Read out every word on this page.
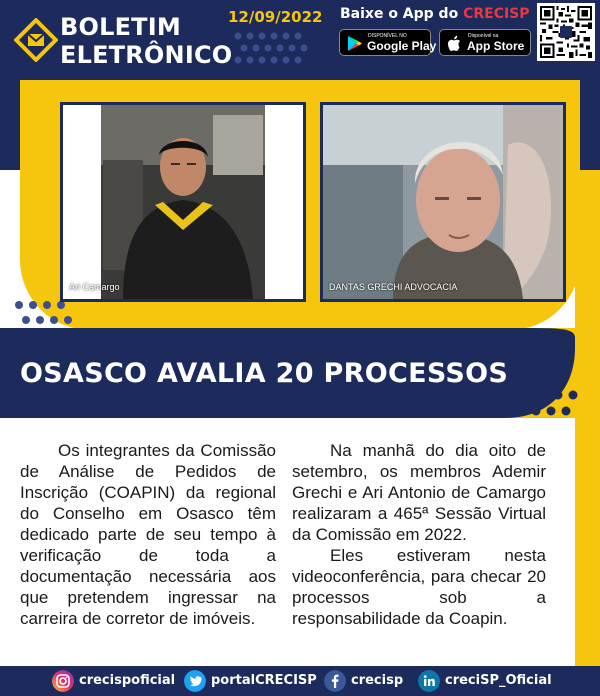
BOLETIM
ELETRÔNICO
12/09/2022 Baixe o App do CRECISP
DISPONÍVEL NO
Google Play
Disponível na
App Store
Ari Camargo	DANTAS GRECHI ADVOCACIA
OSASCO AVALIA 20 PROCESSOS

Os integrantes da Comissão de Análise de Pedidos de Inscrição (COAPIN) da regional do Conselho em Osasco têm dedicado parte de seu tempo à verificação de toda a documentação necessária aos que pretendem ingressar na carreira de corretor de imóveis.

Na manhã do dia oito de setembro, os membros Ademir Grechi e Ari Antonio de Camargo realizaram a 465ª Sessão Virtual da Comissão em 2022.

Eles estiveram nesta videoconferência, para checar 20 processos sob a responsabilidade da Coapin.

crecispoficial	portalCRECISP	crecisp	creciSP_Oficial
